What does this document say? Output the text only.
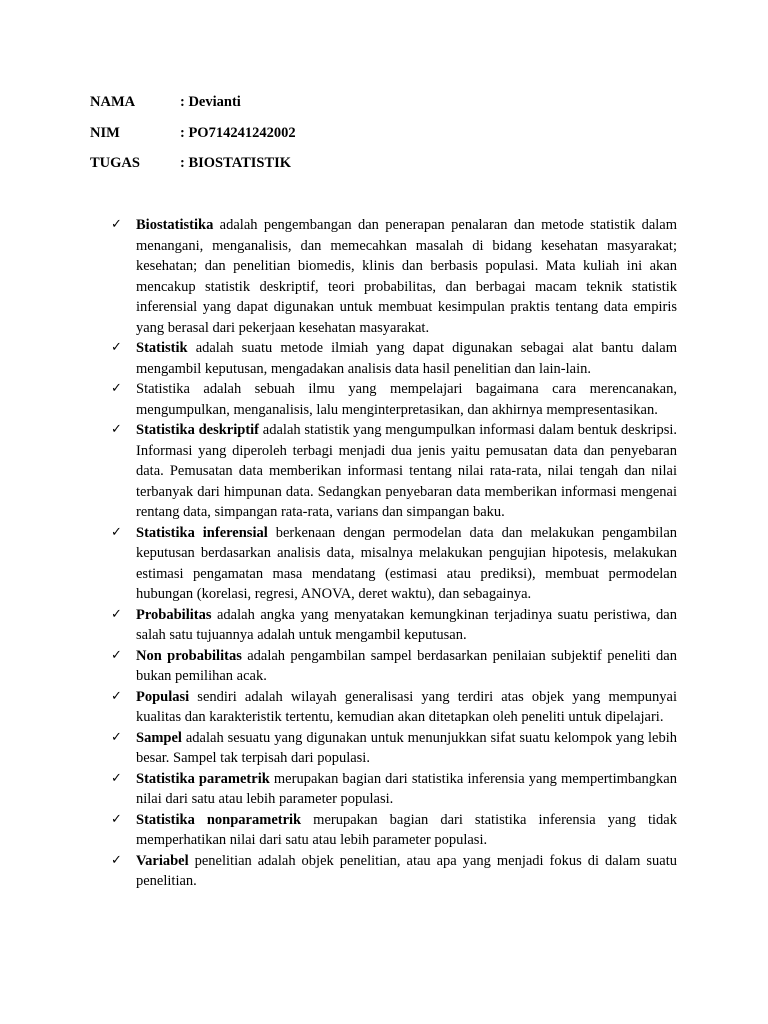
NAMA	: Devianti
NIM	: PO714241242002
TUGAS	: BIOSTATISTIK
✓ Biostatistika adalah pengembangan dan penerapan penalaran dan metode statistik dalam menangani, menganalisis, dan memecahkan masalah di bidang kesehatan masyarakat; kesehatan; dan penelitian biomedis, klinis dan berbasis populasi. Mata kuliah ini akan mencakup statistik deskriptif, teori probabilitas, dan berbagai macam teknik statistik inferensial yang dapat digunakan untuk membuat kesimpulan praktis tentang data empiris yang berasal dari pekerjaan kesehatan masyarakat.
✓ Statistik adalah suatu metode ilmiah yang dapat digunakan sebagai alat bantu dalam mengambil keputusan, mengadakan analisis data hasil penelitian dan lain-lain.
✓ Statistika adalah sebuah ilmu yang mempelajari bagaimana cara merencanakan, mengumpulkan, menganalisis, lalu menginterpretasikan, dan akhirnya mempresentasikan.
✓ Statistika deskriptif adalah statistik yang mengumpulkan informasi dalam bentuk deskripsi. Informasi yang diperoleh terbagi menjadi dua jenis yaitu pemusatan data dan penyebaran data. Pemusatan data memberikan informasi tentang nilai rata-rata, nilai tengah dan nilai terbanyak dari himpunan data. Sedangkan penyebaran data memberikan informasi mengenai rentang data, simpangan rata-rata, varians dan simpangan baku.
✓ Statistika inferensial berkenaan dengan permodelan data dan melakukan pengambilan keputusan berdasarkan analisis data, misalnya melakukan pengujian hipotesis, melakukan estimasi pengamatan masa mendatang (estimasi atau prediksi), membuat permodelan hubungan (korelasi, regresi, ANOVA, deret waktu), dan sebagainya.
✓ Probabilitas adalah angka yang menyatakan kemungkinan terjadinya suatu peristiwa, dan salah satu tujuannya adalah untuk mengambil keputusan.
✓ Non probabilitas adalah pengambilan sampel berdasarkan penilaian subjektif peneliti dan bukan pemilihan acak.
✓ Populasi sendiri adalah wilayah generalisasi yang terdiri atas objek yang mempunyai kualitas dan karakteristik tertentu, kemudian akan ditetapkan oleh peneliti untuk dipelajari.
✓ Sampel adalah sesuatu yang digunakan untuk menunjukkan sifat suatu kelompok yang lebih besar. Sampel tak terpisah dari populasi.
✓ Statistika parametrik merupakan bagian dari statistika inferensia yang mempertimbangkan nilai dari satu atau lebih parameter populasi.
✓ Statistika nonparametrik merupakan bagian dari statistika inferensia yang tidak memperhatikan nilai dari satu atau lebih parameter populasi.
✓ Variabel penelitian adalah objek penelitian, atau apa yang menjadi fokus di dalam suatu penelitian.
